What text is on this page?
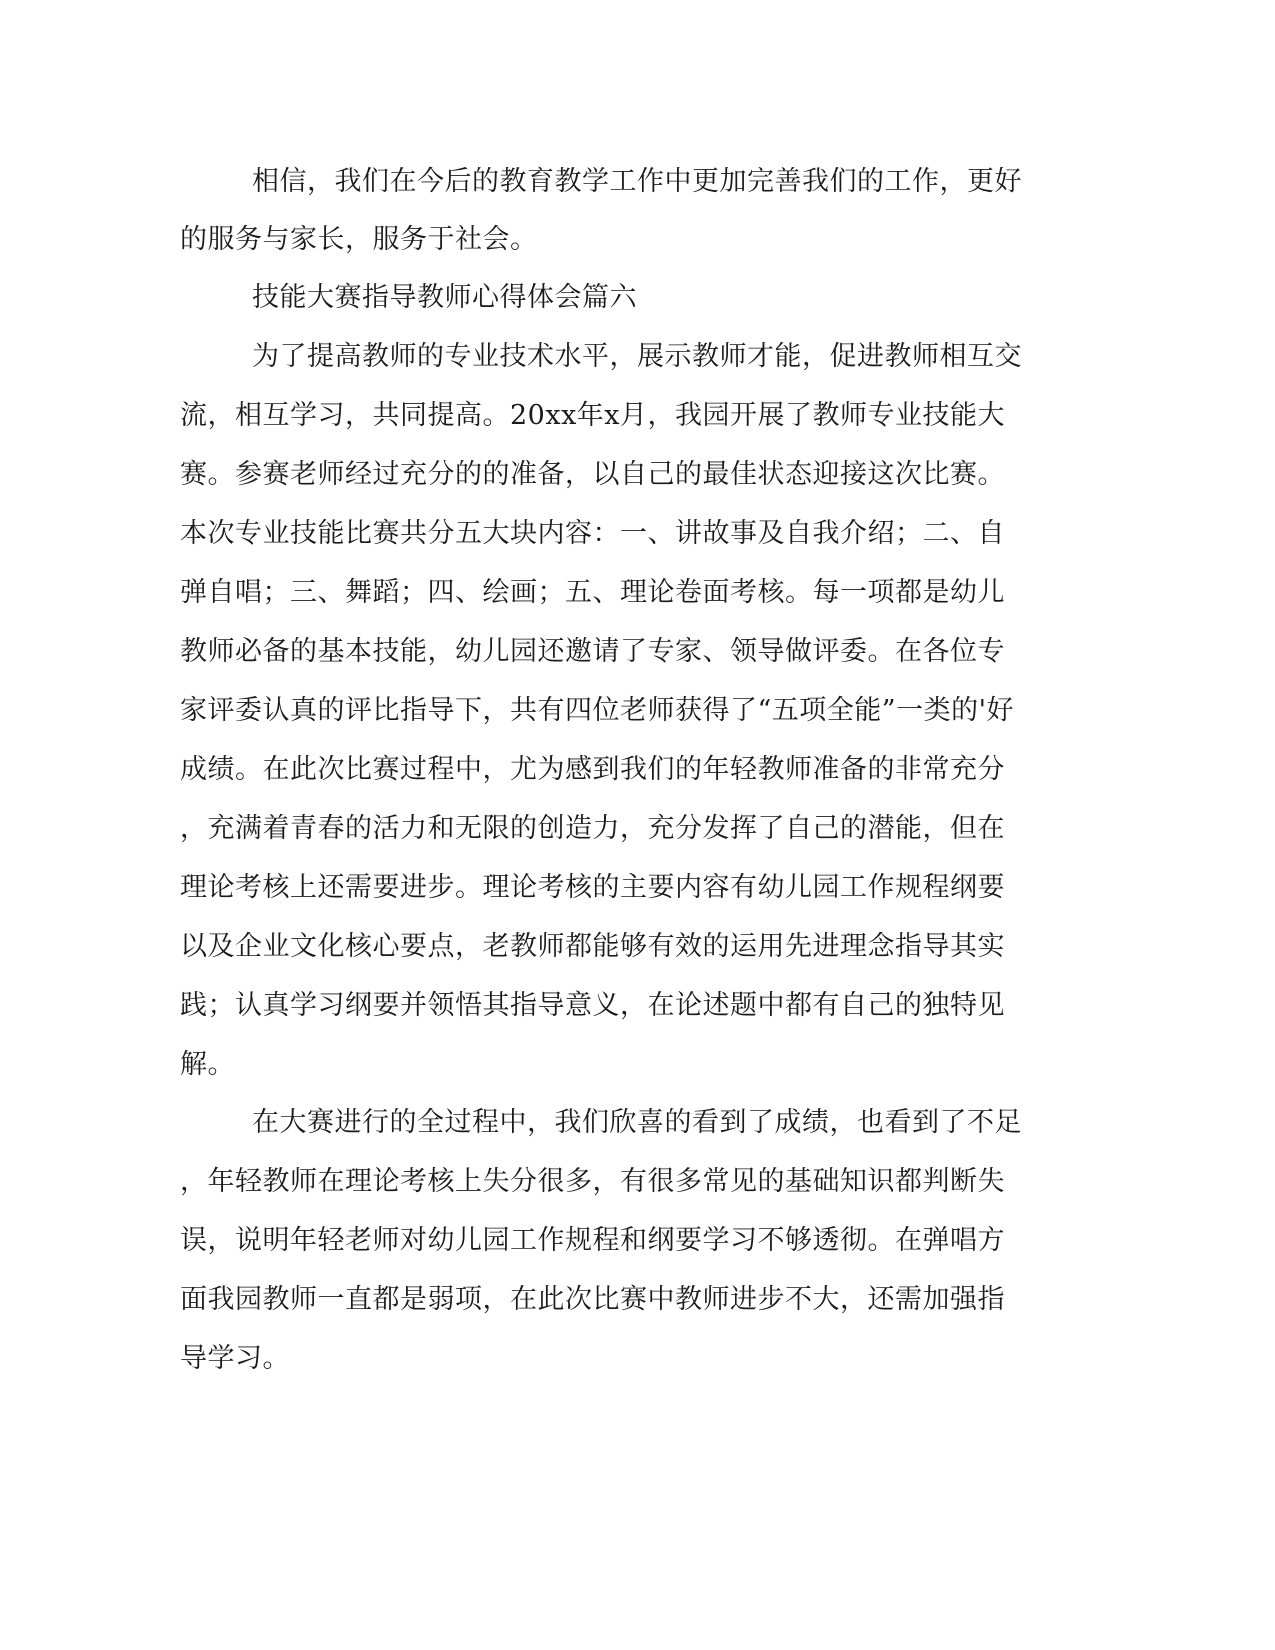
相信，我们在今后的教育教学工作中更加完善我们的工作，更好
的服务与家长，服务于社会。
技能大赛指导教师心得体会篇六
为了提高教师的专业技术水平，展示教师才能，促进教师相互交
流，相互学习，共同提高。20xx年x月，我园开展了教师专业技能大
赛。参赛老师经过充分的的准备，以自己的最佳状态迎接这次比赛。
本次专业技能比赛共分五大块内容：一、讲故事及自我介绍；二、自
弹自唱；三、舞蹈；四、绘画；五、理论卷面考核。每一项都是幼儿
教师必备的基本技能，幼儿园还邀请了专家、领导做评委。在各位专
家评委认真的评比指导下，共有四位老师获得了“五项全能”一类的'好
成绩。在此次比赛过程中，尤为感到我们的年轻教师准备的非常充分
，充满着青春的活力和无限的创造力，充分发挥了自己的潜能，但在
理论考核上还需要进步。理论考核的主要内容有幼儿园工作规程纲要
以及企业文化核心要点，老教师都能够有效的运用先进理念指导其实
践；认真学习纲要并领悟其指导意义，在论述题中都有自己的独特见
解。
在大赛进行的全过程中，我们欣喜的看到了成绩，也看到了不足
，年轻教师在理论考核上失分很多，有很多常见的基础知识都判断失
误，说明年轻老师对幼儿园工作规程和纲要学习不够透彻。在弹唱方
面我园教师一直都是弱项，在此次比赛中教师进步不大，还需加强指
导学习。
